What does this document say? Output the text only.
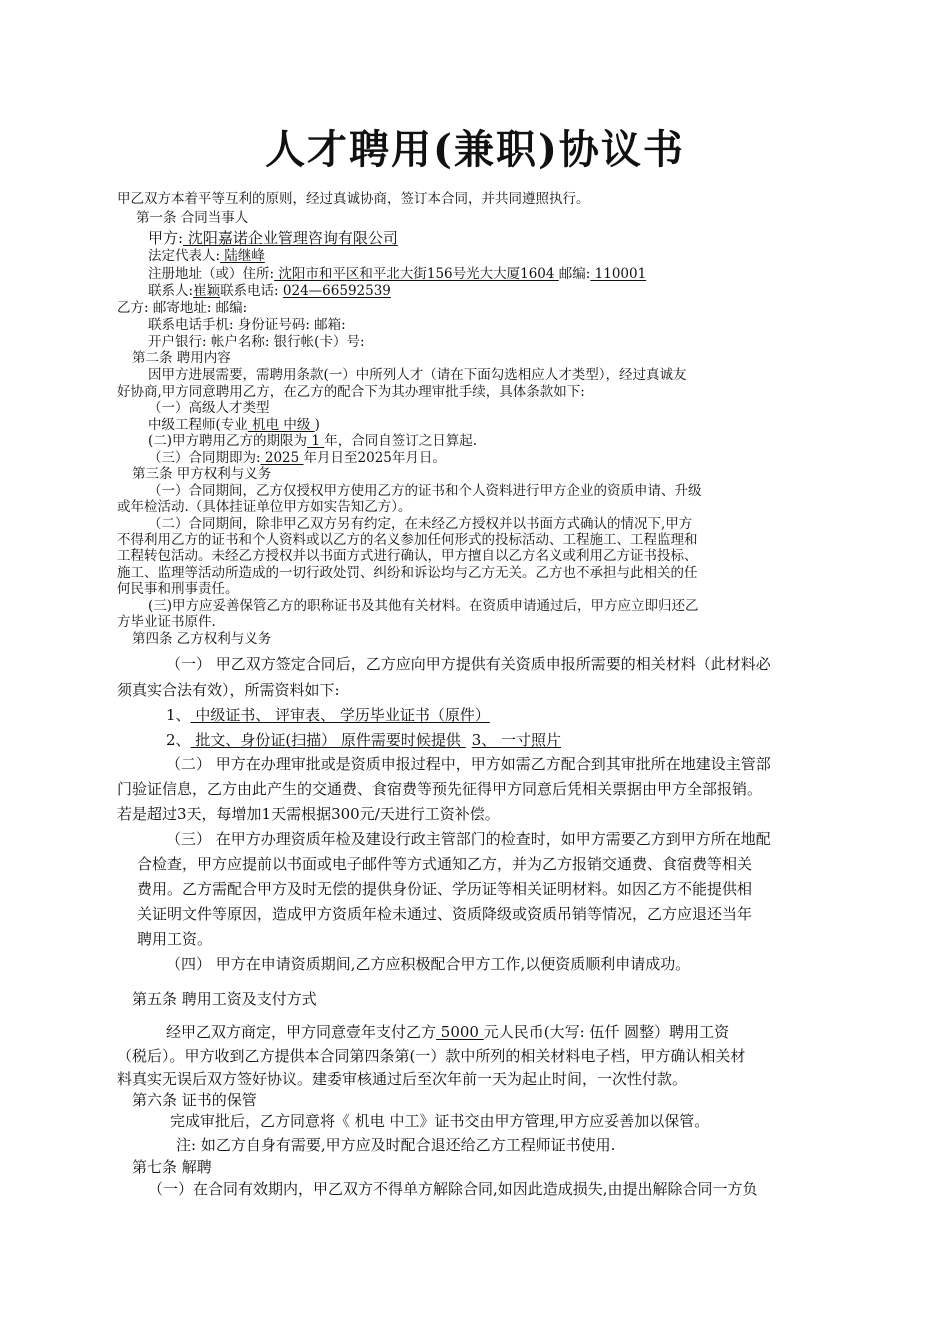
人才聘用(兼职)协议书
甲乙双方本着平等互利的原则，经过真诚协商，签订本合同，并共同遵照执行。
第一条 合同当事人
甲方: 沈阳嘉诺企业管理咨询有限公司
法定代表人: 陆继峰
注册地址（或）住所: 沈阳市和平区和平北大街156号光大大厦1604 邮编: 110001
联系人:崔颖联系电话: 024—66592539
乙方: 邮寄地址: 邮编:
联系电话手机: 身份证号码: 邮箱:
开户银行: 帐户名称: 银行帐(卡）号:
第二条 聘用内容
因甲方进展需要，需聘用条款(一）中所列人才（请在下面勾选相应人才类型），经过真诚友
好协商,甲方同意聘用乙方，在乙方的配合下为其办理审批手续，具体条款如下:
（一）高级人才类型
中级工程师(专业 机电 中级 )
(二)甲方聘用乙方的期限为 1 年，合同自签订之日算起.
（三）合同期即为: 2025 年月日至2025年月日。
第三条 甲方权利与义务
（一）合同期间，乙方仅授权甲方使用乙方的证书和个人资料进行甲方企业的资质申请、升级
或年检活动.（具体挂证单位甲方如实告知乙方）。
（二）合同期间，除非甲乙双方另有约定，在未经乙方授权并以书面方式确认的情况下,甲方
不得利用乙方的证书和个人资料或以乙方的名义参加任何形式的投标活动、工程施工、工程监理和
工程转包活动。未经乙方授权并以书面方式进行确认，甲方擅自以乙方名义或利用乙方证书投标、
施工、监理等活动所造成的一切行政处罚、纠纷和诉讼均与乙方无关。乙方也不承担与此相关的任
何民事和刑事责任。
(三)甲方应妥善保管乙方的职称证书及其他有关材料。在资质申请通过后，甲方应立即归还乙
方毕业证书原件.
第四条 乙方权利与义务
（一） 甲乙双方签定合同后，乙方应向甲方提供有关资质申报所需要的相关材料（此材料必
须真实合法有效），所需资料如下:
1、 中级证书、 评审表、 学历毕业证书（原件）
2、 批文、身份证(扫描） 原件需要时候提供 3、 一寸照片
（二） 甲方在办理审批或是资质申报过程中，甲方如需乙方配合到其审批所在地建设主管部
门验证信息，乙方由此产生的交通费、食宿费等预先征得甲方同意后凭相关票据由甲方全部报销。
若是超过3天，每增加1天需根据300元/天进行工资补偿。
（三） 在甲方办理资质年检及建设行政主管部门的检查时，如甲方需要乙方到甲方所在地配
合检查，甲方应提前以书面或电子邮件等方式通知乙方，并为乙方报销交通费、食宿费等相关
费用。乙方需配合甲方及时无偿的提供身份证、学历证等相关证明材料。如因乙方不能提供相
关证明文件等原因，造成甲方资质年检未通过、资质降级或资质吊销等情况，乙方应退还当年
聘用工资。
（四） 甲方在申请资质期间,乙方应积极配合甲方工作,以便资质顺利申请成功。
第五条 聘用工资及支付方式
经甲乙双方商定，甲方同意壹年支付乙方 5000 元人民币(大写: 伍仟 圆整）聘用工资
（税后）。甲方收到乙方提供本合同第四条第(一）款中所列的相关材料电子档，甲方确认相关材
料真实无误后双方签好协议。建委审核通过后至次年前一天为起止时间，一次性付款。
第六条 证书的保管
完成审批后，乙方同意将《 机电 中工》证书交由甲方管理,甲方应妥善加以保管。
注: 如乙方自身有需要,甲方应及时配合退还给乙方工程师证书使用.
第七条 解聘
（一）在合同有效期内，甲乙双方不得单方解除合同,如因此造成损失,由提出解除合同一方负
